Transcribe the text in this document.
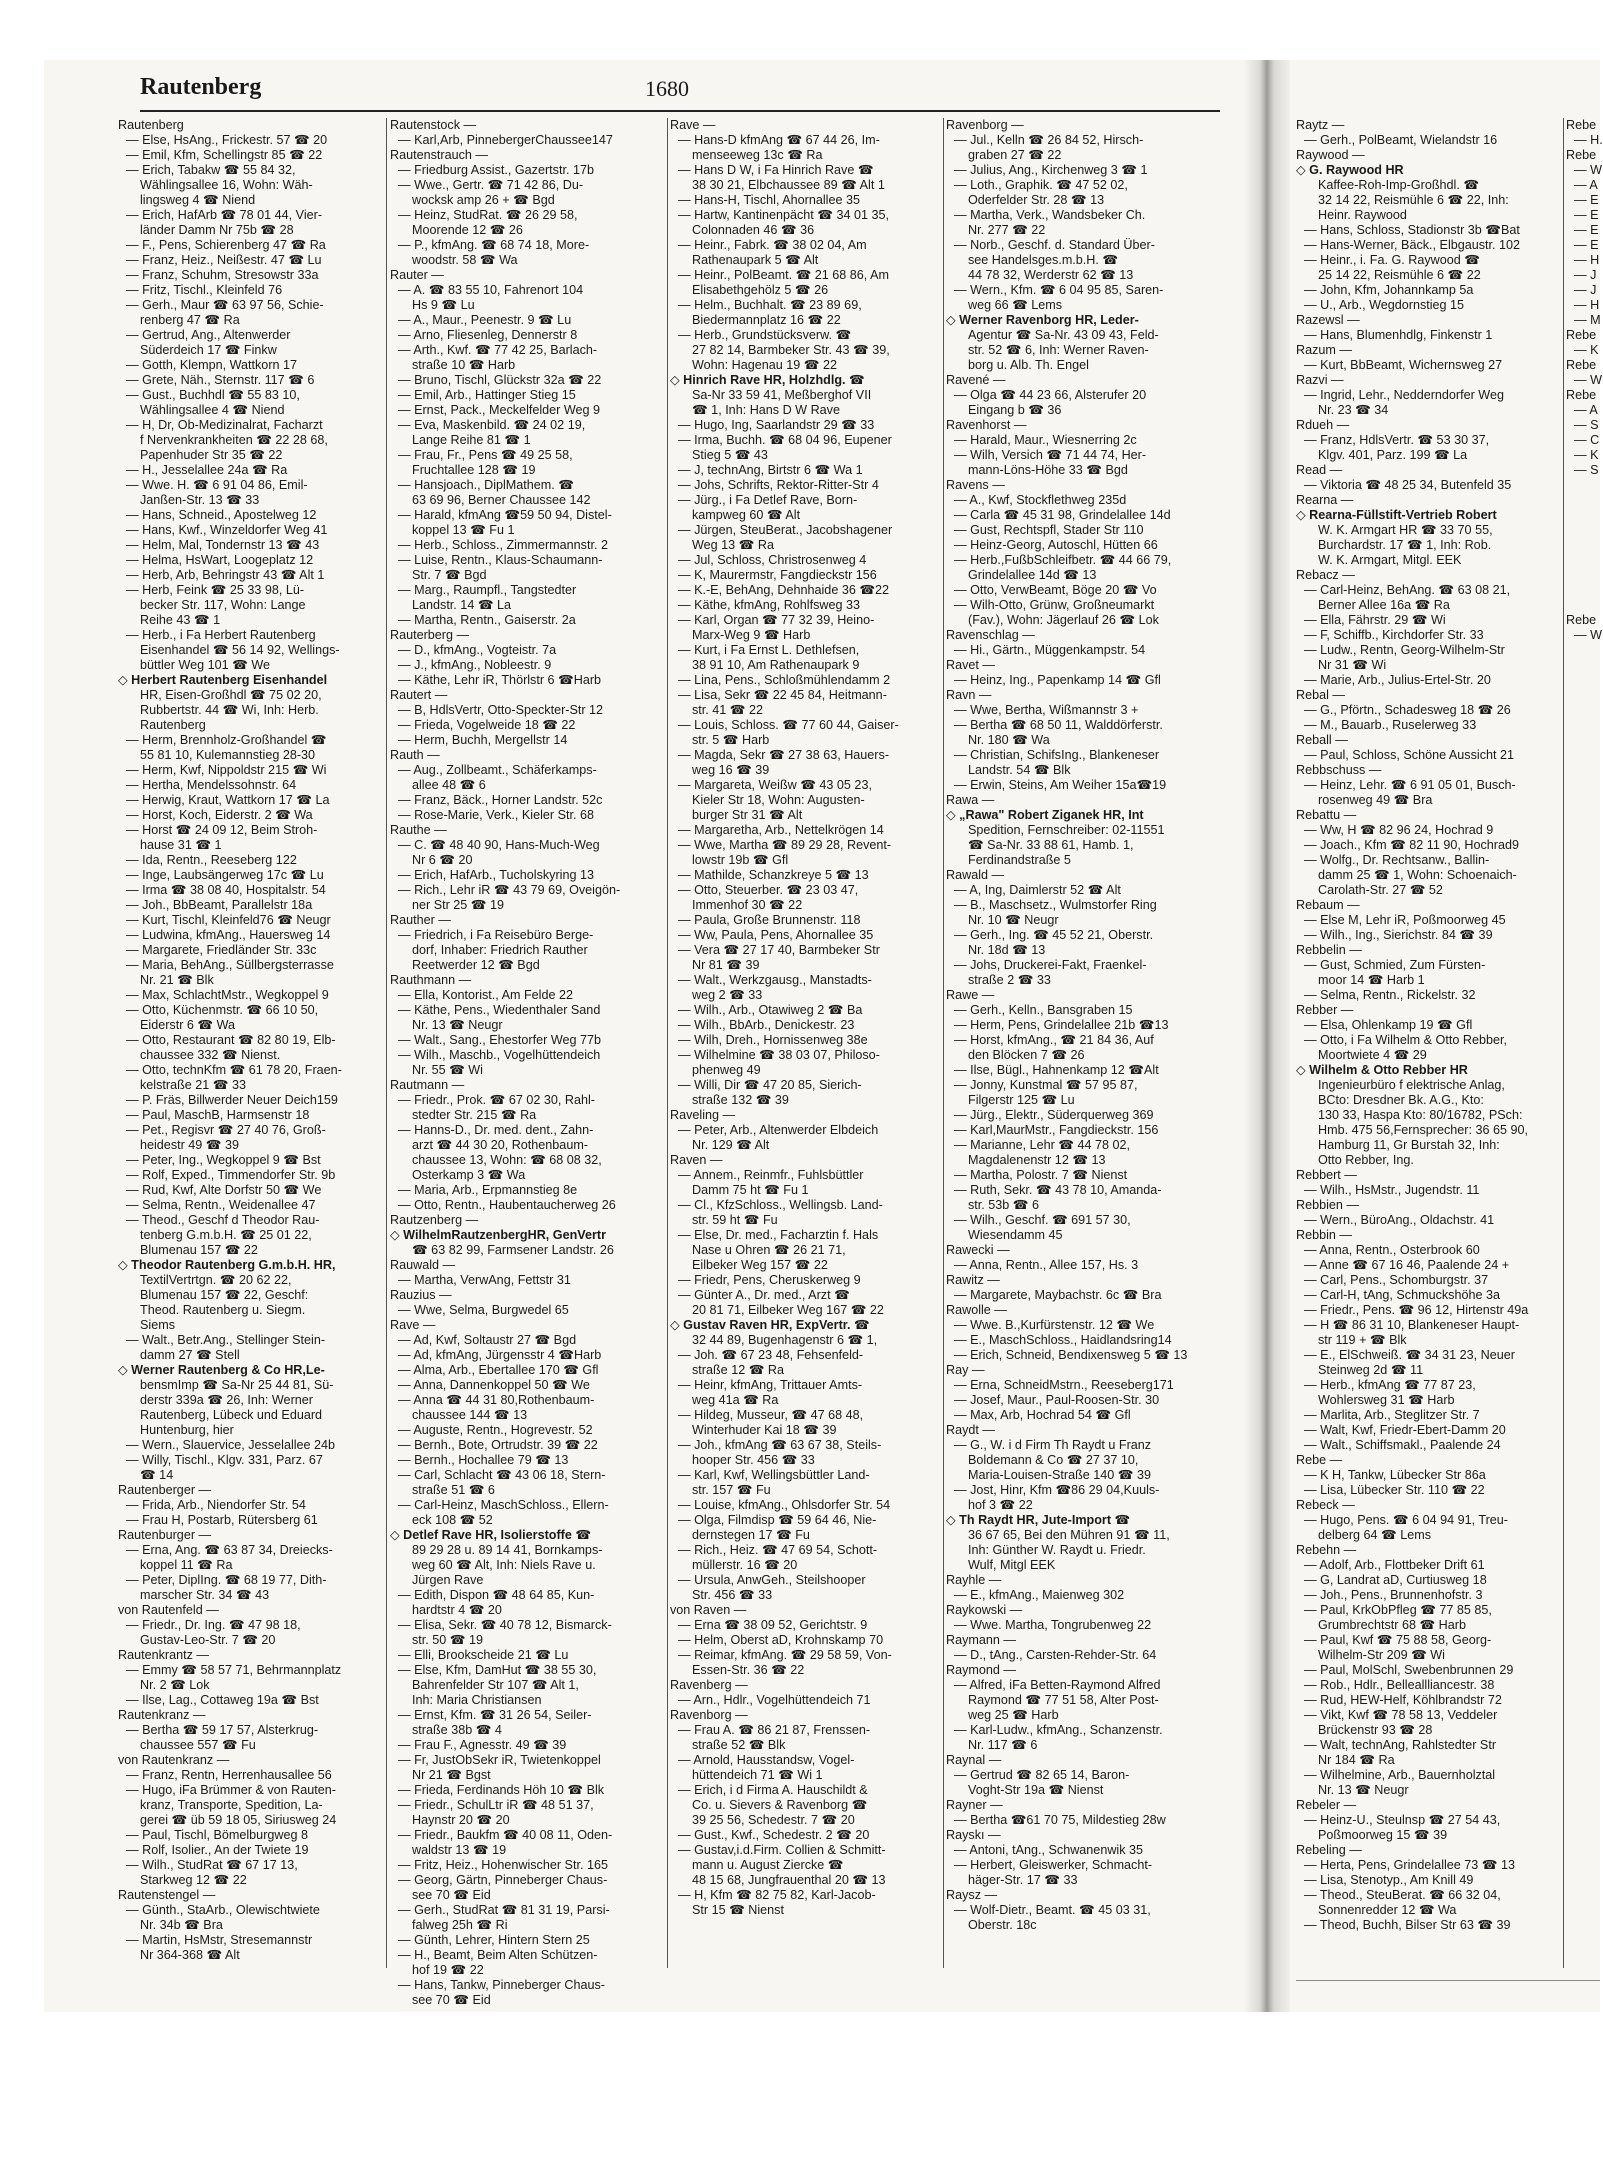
Rautenberg	1680
Rautenberg
— Else, HsAng., Frickestr. 57 ☎ 20
— Emil, Kfm, Schellingstr 85 ☎ 22
— Erich, Tabakw ☎ 55 84 32,
Wählingsallee 16, Wohn: Wäh-
lingsweg 4 ☎ Niend
— Erich, HafArb ☎ 78 01 44, Vier-
länder Damm Nr 75b ☎ 28
— F., Pens, Schierenberg 47 ☎ Ra
— Franz, Heiz., Neißestr. 47 ☎ Lu
— Franz, Schuhm, Stresowstr 33a
— Fritz, Tischl., Kleinfeld 76
— Gerh., Maur ☎ 63 97 56, Schie-
renberg 47 ☎ Ra
— Gertrud, Ang., Altenwerder
Süderdeich 17 ☎ Finkw
— Gotth, Klempn, Wattkorn 17
— Grete, Näh., Sternstr. 117 ☎ 6
— Gust., Buchhdl ☎ 55 83 10,
Wählingsallee 4 ☎ Niend
— H, Dr, Ob-Medizinalrat, Facharzt
f Nervenkrankheiten ☎ 22 28 68,
Papenhuder Str 35 ☎ 22
— H., Jesselallee 24a ☎ Ra
— Wwe. H. ☎ 6 91 04 86, Emil-
Janßen-Str. 13 ☎ 33
— Hans, Schneid., Apostelweg 12
— Hans, Kwf., Winzeldorfer Weg 41
— Helm, Mal, Tondernstr 13 ☎ 43
— Helma, HsWart, Loogeplatz 12
— Herb, Arb, Behringstr 43 ☎ Alt 1
— Herb, Feink ☎ 25 33 98, Lü-
becker Str. 117, Wohn: Lange
Reihe 43 ☎ 1
— Herb., i Fa Herbert Rautenberg
Eisenhandel ☎ 56 14 92, Wellings-
büttler Weg 101 ☎ We
◇ Herbert Rautenberg Eisenhandel
HR, Eisen-Großhdl ☎ 75 02 20,
Rubbertstr. 44 ☎ Wi, Inh: Herb.
Rautenberg
— Herm, Brennholz-Großhandel ☎
55 81 10, Kulemannstieg 28-30
— Herm, Kwf, Nippoldstr 215 ☎ Wi
— Hertha, Mendelssohnstr. 64
— Herwig, Kraut, Wattkorn 17 ☎ La
— Horst, Koch, Eiderstr. 2 ☎ Wa
— Horst ☎ 24 09 12, Beim Stroh-
hause 31 ☎ 1
— Ida, Rentn., Reeseberg 122
— Inge, Laubsängerweg 17c ☎ Lu
— Irma ☎ 38 08 40, Hospitalstr. 54
— Joh., BbBeamt, Parallelstr 18a
— Kurt, Tischl, Kleinfeld76 ☎ Neugr
— Ludwina, kfmAng., Hauersweg 14
— Margarete, Friedländer Str. 33c
— Maria, BehAng., Süllbergsterrasse
Nr. 21 ☎ Blk
— Max, SchlachtMstr., Wegkoppel 9
— Otto, Küchenmstr. ☎ 66 10 50,
Eiderstr 6 ☎ Wa
— Otto, Restaurant ☎ 82 80 19, Elb-
chaussee 332 ☎ Nienst.
— Otto, technKfm ☎ 61 78 20, Fraen-
kelstraße 21 ☎ 33
— P. Fräs, Billwerder Neuer Deich159
— Paul, MaschB, Harmsenstr 18
— Pet., Regisvr ☎ 27 40 76, Groß-
heidestr 49 ☎ 39
— Peter, Ing., Wegkoppel 9 ☎ Bst
— Rolf, Exped., Timmendorfer Str. 9b
— Rud, Kwf, Alte Dorfstr 50 ☎ We
— Selma, Rentn., Weidenallee 47
— Theod., Geschf d Theodor Rau-
tenberg G.m.b.H. ☎ 25 01 22,
Blumenau 157 ☎ 22
◇ Theodor Rautenberg G.m.b.H. HR,
TextilVertrtgn. ☎ 20 62 22,
Blumenau 157 ☎ 22, Geschf:
Theod. Rautenberg u. Siegm.
Siems
— Walt., Betr.Ang., Stellinger Stein-
damm 27 ☎ Stell
◇ Werner Rautenberg & Co HR,Le-
bensmImp ☎ Sa-Nr 25 44 81, Sü-
derstr 339a ☎ 26, Inh: Werner
Rautenberg, Lübeck und Eduard
Huntenburg, hier
— Wern., Slauervice, Jesselallee 24b
— Willy, Tischl., Klgv. 331, Parz. 67
☎ 14
Rautenberger —
— Frida, Arb., Niendorfer Str. 54
— Frau H, Postarb, Rütersberg 61
Rautenburger —
— Erna, Ang. ☎ 63 87 34, Dreiecks-
koppel 11 ☎ Ra
— Peter, DiplIng. ☎ 68 19 77, Dith-
marscher Str. 34 ☎ 43
von Rautenfeld —
— Friedr., Dr. Ing. ☎ 47 98 18,
Gustav-Leo-Str. 7 ☎ 20
Rautenkrantz —
— Emmy ☎ 58 57 71, Behrmannplatz
Nr. 2 ☎ Lok
— Ilse, Lag., Cottaweg 19a ☎ Bst
Rautenkranz —
— Bertha ☎ 59 17 57, Alsterkrug-
chaussee 557 ☎ Fu
von Rautenkranz —
— Franz, Rentn, Herrenhausallee 56
— Hugo, iFa Brümmer & von Rauten-
kranz, Transporte, Spedition, La-
gerei ☎ üb 59 18 05, Siriusweg 24
— Paul, Tischl, Bömelburgweg 8
— Rolf, Isolier., An der Twiete 19
— Wilh., StudRat ☎ 67 17 13,
Starkweg 12 ☎ 22
Rautenstengel —
— Günth., StaArb., Olewischtwiete
Nr. 34b ☎ Bra
— Martin, HsMstr, Stresemannstr
Nr 364-368 ☎ Alt
Rautenstock —
— Karl,Arb, PinnebergerChaussee147
Rautenstrauch —
— Friedburg Assist., Gazertstr. 17b
— Wwe., Gertr. ☎ 71 42 86, Du-
wocksk amp 26 + ☎ Bgd
— Heinz, StudRat. ☎ 26 29 58,
Moorende 12 ☎ 26
— P., kfmAng. ☎ 68 74 18, More-
woodstr. 58 ☎ Wa
Rauter —
— A. ☎ 83 55 10, Fahrenort 104
Hs 9 ☎ Lu
— A., Maur., Peenestr. 9 ☎ Lu
— Arno, Fliesenleg, Dennerstr 8
— Arth., Kwf. ☎ 77 42 25, Barlach-
straße 10 ☎ Harb
— Bruno, Tischl, Glückstr 32a ☎ 22
— Emil, Arb., Hattinger Stieg 15
— Ernst, Pack., Meckelfelder Weg 9
— Eva, Maskenbild. ☎ 24 02 19,
Lange Reihe 81 ☎ 1
— Frau, Fr., Pens ☎ 49 25 58,
Fruchtallee 128 ☎ 19
— Hansjoach., DiplMathem. ☎
63 69 96, Berner Chaussee 142
— Harald, kfmAng ☎59 50 94, Distel-
koppel 13 ☎ Fu 1
— Herb., Schloss., Zimmermannstr. 2
— Luise, Rentn., Klaus-Schaumann-
Str. 7 ☎ Bgd
— Marg., Raumpfl., Tangstedter
Landstr. 14 ☎ La
— Martha, Rentn., Gaiserstr. 2a
Rauterberg —
— D., kfmAng., Vogteistr. 7a
— J., kfmAng., Nobleestr. 9
— Käthe, Lehr iR, Thörlstr 6 ☎Harb
Rautert —
— B, HdlsVertr, Otto-Speckter-Str 12
— Frieda, Vogelweide 18 ☎ 22
— Herm, Buchh, Mergellstr 14
Rauth —
— Aug., Zollbeamt., Schäferkamps-
allee 48 ☎ 6
— Franz, Bäck., Horner Landstr. 52c
— Rose-Marie, Verk., Kieler Str. 68
Rauthe —
— C. ☎ 48 40 90, Hans-Much-Weg
Nr 6 ☎ 20
— Erich, HafArb., Tucholskyring 13
— Rich., Lehr iR ☎ 43 79 69, Oveigön-
ner Str 25 ☎ 19
Rauther —
— Friedrich, i Fa Reisebüro Berge-
dorf, Inhaber: Friedrich Rauther
Reetwerder 12 ☎ Bgd
Rauthmann —
— Ella, Kontorist., Am Felde 22
— Käthe, Pens., Wiedenthaler Sand
Nr. 13 ☎ Neugr
— Walt., Sang., Ehestorfer Weg 77b
— Wilh., Maschb., Vogelhüttendeich
Nr. 55 ☎ Wi
Rautmann —
— Friedr., Prok. ☎ 67 02 30, Rahl-
stedter Str. 215 ☎ Ra
— Hanns-D., Dr. med. dent., Zahn-
arzt ☎ 44 30 20, Rothenbaum-
chaussee 13, Wohn: ☎ 68 08 32,
Osterkamp 3 ☎ Wa
— Maria, Arb., Erpmannstieg 8e
— Otto, Rentn., Haubentaucherweg 26
Rautzenberg —
◇ WilhelmRautzenbergHR, GenVertr
☎ 63 82 99, Farmsener Landstr. 26
Rauwald —
— Martha, VerwAng, Fettstr 31
Rauzius —
— Wwe, Selma, Burgwedel 65
Rave —
— Ad, Kwf, Soltaustr 27 ☎ Bgd
— Ad, kfmAng, Jürgensstr 4 ☎Harb
— Alma, Arb., Ebertallee 170 ☎ Gfl
— Anna, Dannenkoppel 50 ☎ We
— Anna ☎ 44 31 80,Rothenbaum-
chaussee 144 ☎ 13
— Auguste, Rentn., Hogrevestr. 52
— Bernh., Bote, Ortrudstr. 39 ☎ 22
— Bernh., Hochallee 79 ☎ 13
— Carl, Schlacht ☎ 43 06 18, Stern-
straße 51 ☎ 6
— Carl-Heinz, MaschSchloss., Ellern-
eck 108 ☎ 52
◇ Detlef Rave HR, Isolierstoffe ☎
89 29 28 u. 89 14 41, Bornkamps-
weg 60 ☎ Alt, Inh: Niels Rave u.
Jürgen Rave
— Edith, Dispon ☎ 48 64 85, Kun-
hardtstr 4 ☎ 20
— Elisa, Sekr. ☎ 40 78 12, Bismarck-
str. 50 ☎ 19
— Elli, Brookscheide 21 ☎ Lu
— Else, Kfm, DamHut ☎ 38 55 30,
Bahrenfelder Str 107 ☎ Alt 1,
Inh: Maria Christiansen
— Ernst, Kfm. ☎ 31 26 54, Seiler-
straße 38b ☎ 4
— Frau F., Agnesstr. 49 ☎ 39
— Fr, JustObSekr iR, Twietenkoppel
Nr 21 ☎ Bgst
— Frieda, Ferdinands Höh 10 ☎ Blk
— Friedr., SchulLtr iR ☎ 48 51 37,
Haynstr 20 ☎ 20
— Friedr., Baukfm ☎ 40 08 11, Oden-
waldstr 13 ☎ 19
— Fritz, Heiz., Hohenwischer Str. 165
— Georg, Gärtn, Pinneberger Chaus-
see 70 ☎ Eid
— Gerh., StudRat ☎ 81 31 19, Parsi-
falweg 25h ☎ Ri
— Günth, Lehrer, Hintern Stern 25
— H., Beamt, Beim Alten Schützen-
hof 19 ☎ 22
— Hans, Tankw, Pinneberger Chaus-
see 70 ☎ Eid
Rave —
— Hans-D kfmAng ☎ 67 44 26, Im-
menseeweg 13c ☎ Ra
— Hans D W, i Fa Hinrich Rave ☎
38 30 21, Elbchaussee 89 ☎ Alt 1
— Hans-H, Tischl, Ahornallee 35
— Hartw, Kantinenpächt ☎ 34 01 35,
Colonnaden 46 ☎ 36
— Heinr., Fabrk. ☎ 38 02 04, Am
Rathenaupark 5 ☎ Alt
— Heinr., PolBeamt. ☎ 21 68 86, Am
Elisabethgehölz 5 ☎ 26
— Helm., Buchhalt. ☎ 23 89 69,
Biedermannplatz 16 ☎ 22
— Herb., Grundstücksverw. ☎
27 82 14, Barmbeker Str. 43 ☎ 39,
Wohn: Hagenau 19 ☎ 22
◇ Hinrich Rave HR, Holzhdlg. ☎
Sa-Nr 33 59 41, Meßberghof VII
☎ 1, Inh: Hans D W Rave
— Hugo, Ing, Saarlandstr 29 ☎ 33
— Irma, Buchh. ☎ 68 04 96, Eupener
Stieg 5 ☎ 43
— J, technAng, Birtstr 6 ☎ Wa 1
— Johs, Schrifts, Rektor-Ritter-Str 4
— Jürg., i Fa Detlef Rave, Born-
kampweg 60 ☎ Alt
— Jürgen, SteuBerat., Jacobshagener
Weg 13 ☎ Ra
— Jul, Schloss, Christrosenweg 4
— K, Maurermstr, Fangdieckstr 156
— K.-E, BehAng, Dehnhaide 36 ☎22
— Käthe, kfmAng, Rohlfsweg 33
— Karl, Organ ☎ 77 32 39, Heino-
Marx-Weg 9 ☎ Harb
— Kurt, i Fa Ernst L. Dethlefsen,
38 91 10, Am Rathenaupark 9
— Lina, Pens., Schloßmühlendamm 2
— Lisa, Sekr ☎ 22 45 84, Heitmann-
str. 41 ☎ 22
— Louis, Schloss. ☎ 77 60 44, Gaiser-
str. 5 ☎ Harb
— Magda, Sekr ☎ 27 38 63, Hauers-
weg 16 ☎ 39
— Margareta, Weißw ☎ 43 05 23,
Kieler Str 18, Wohn: Augusten-
burger Str 31 ☎ Alt
— Margaretha, Arb., Nettelkrögen 14
— Wwe, Martha ☎ 89 29 28, Revent-
lowstr 19b ☎ Gfl
— Mathilde, Schanzkreye 5 ☎ 13
— Otto, Steuerber. ☎ 23 03 47,
Immenhof 30 ☎ 22
— Paula, Große Brunnenstr. 118
— Ww, Paula, Pens, Ahornallee 35
— Vera ☎ 27 17 40, Barmbeker Str
Nr 81 ☎ 39
— Walt., Werkzgausg., Manstadts-
weg 2 ☎ 33
— Wilh., Arb., Otawiweg 2 ☎ Ba
— Wilh., BbArb., Denickestr. 23
— Wilh, Dreh., Hornissenweg 38e
— Wilhelmine ☎ 38 03 07, Philoso-
phenweg 49
— Willi, Dir ☎ 47 20 85, Sierich-
straße 132 ☎ 39
Raveling —
— Peter, Arb., Altenwerder Elbdeich
Nr. 129 ☎ Alt
Raven —
— Annem., Reinmfr., Fuhlsbüttler
Damm 75 ht ☎ Fu 1
— Cl., KfzSchloss., Wellingsb. Land-
str. 59 ht ☎ Fu
— Else, Dr. med., Facharztin f. Hals
Nase u Ohren ☎ 26 21 71,
Eilbeker Weg 157 ☎ 22
— Friedr, Pens, Cheruskerweg 9
— Günter A., Dr. med., Arzt ☎
20 81 71, Eilbeker Weg 167 ☎ 22
◇ Gustav Raven HR, ExpVertr. ☎
32 44 89, Bugenhagenstr 6 ☎ 1,
— Joh. ☎ 67 23 48, Fehsenfeld-
straße 12 ☎ Ra
— Heinr, kfmAng, Trittauer Amts-
weg 41a ☎ Ra
— Hildeg, Musseur, ☎ 47 68 48,
Winterhuder Kai 18 ☎ 39
— Joh., kfmAng ☎ 63 67 38, Steils-
hooper Str. 456 ☎ 33
— Karl, Kwf, Wellingsbüttler Land-
str. 157 ☎ Fu
— Louise, kfmAng., Ohlsdorfer Str. 54
— Olga, Filmdisp ☎ 59 64 46, Nie-
dernstegen 17 ☎ Fu
— Rich., Heiz. ☎ 47 69 54, Schott-
müllerstr. 16 ☎ 20
— Ursula, AnwGeh., Steilshooper
Str. 456 ☎ 33
von Raven —
— Erna ☎ 38 09 52, Gerichtstr. 9
— Helm, Oberst aD, Krohnskamp 70
— Reimar, kfmAng. ☎ 29 58 59, Von-
Essen-Str. 36 ☎ 22
Ravenberg —
— Arn., Hdlr., Vogelhüttendeich 71
Ravenborg —
— Frau A. ☎ 86 21 87, Frenssen-
straße 52 ☎ Blk
— Arnold, Hausstandsw, Vogel-
hüttendeich 71 ☎ Wi 1
— Erich, i d Firma A. Hauschildt &
Co. u. Sievers & Ravenborg ☎
39 25 56, Schedestr. 7 ☎ 20
— Gust., Kwf., Schedestr. 2 ☎ 20
— Gustav,i.d.Firm. Collien & Schmitt-
mann u. August Ziercke ☎
48 15 68, Jungfrauenthal 20 ☎ 13
— H, Kfm ☎ 82 75 82, Karl-Jacob-
Str 15 ☎ Nienst
Ravenborg —
— Jul., Kelln ☎ 26 84 52, Hirsch-
graben 27 ☎ 22
— Julius, Ang., Kirchenweg 3 ☎ 1
— Loth., Graphik. ☎ 47 52 02,
Oderfelder Str. 28 ☎ 13
— Martha, Verk., Wandsbeker Ch.
Nr. 277 ☎ 22
— Norb., Geschf. d. Standard Über-
see Handelsges.m.b.H. ☎
44 78 32, Werderstr 62 ☎ 13
— Wern., Kfm. ☎ 6 04 95 85, Saren-
weg 66 ☎ Lems
◇ Werner Ravenborg HR, Leder-
Agentur ☎ Sa-Nr. 43 09 43, Feld-
str. 52 ☎ 6, Inh: Werner Raven-
borg u. Alb. Th. Engel
Ravené —
— Olga ☎ 44 23 66, Alsterufer 20
Eingang b ☎ 36
Ravenhorst —
— Harald, Maur., Wiesnerring 2c
— Wilh, Versich ☎ 71 44 74, Her-
mann-Löns-Höhe 33 ☎ Bgd
Ravens —
— A., Kwf, Stockflethweg 235d
— Carla ☎ 45 31 98, Grindelallee 14d
— Gust, Rechtspfl, Stader Str 110
— Heinz-Georg, Autoschl, Hütten 66
— Herb.,FußbSchleifbetr. ☎ 44 66 79,
Grindelallee 14d ☎ 13
— Otto, VerwBeamt, Böge 20 ☎ Vo
— Wilh-Otto, Grünw, Großneumarkt
(Fav.), Wohn: Jägerlauf 26 ☎ Lok
Ravenschlag —
— Hi., Gärtn., Müggenkampstr. 54
Ravet —
— Heinz, Ing., Papenkamp 14 ☎ Gfl
Ravn —
— Wwe, Bertha, Wißmannstr 3 +
— Bertha ☎ 68 50 11, Walddörferstr.
Nr. 180 ☎ Wa
— Christian, SchifsIng., Blankeneser
Landstr. 54 ☎ Blk
— Erwin, Steins, Am Weiher 15a☎19
Rawa —
◇ „Rawa" Robert Ziganek HR, Int
Spedition, Fernschreiber: 02-11551
☎ Sa-Nr. 33 88 61, Hamb. 1,
Ferdinandstraße 5
Rawald —
— A, Ing, Daimlerstr 52 ☎ Alt
— B., Maschsetz., Wulmstorfer Ring
Nr. 10 ☎ Neugr
— Gerh., Ing. ☎ 45 52 21, Oberstr.
Nr. 18d ☎ 13
— Johs, Druckerei-Fakt, Fraenkel-
straße 2 ☎ 33
Rawe —
— Gerh., Kelln., Bansgraben 15
— Herm, Pens, Grindelallee 21b ☎13
— Horst, kfmAng., ☎ 21 84 36, Auf
den Blöcken 7 ☎ 26
— Ilse, Bügl., Hahnenkamp 12 ☎Alt
— Jonny, Kunstmal ☎ 57 95 87,
Filgerstr 125 ☎ Lu
— Jürg., Elektr., Süderquerweg 369
— Karl,MaurMstr., Fangdieckstr. 156
— Marianne, Lehr ☎ 44 78 02,
Magdalenenstr 12 ☎ 13
— Martha, Polostr. 7 ☎ Nienst
— Ruth, Sekr. ☎ 43 78 10, Amanda-
str. 53b ☎ 6
— Wilh., Geschf. ☎ 691 57 30,
Wiesendamm 45
Rawecki —
— Anna, Rentn., Allee 157, Hs. 3
Rawitz —
— Margarete, Maybachstr. 6c ☎ Bra
Rawolle —
— Wwe. B.,Kurfürstenstr. 12 ☎ We
— E., MaschSchloss., Haidlandsring14
— Erich, Schneid, Bendixensweg 5 ☎ 13
Ray —
— Erna, SchneidMstrn., Reeseberg171
— Josef, Maur., Paul-Roosen-Str. 30
— Max, Arb, Hochrad 54 ☎ Gfl
Raydt —
— G., W. i d Firm Th Raydt u Franz
Boldemann & Co ☎ 27 37 10,
Maria-Louisen-Straße 140 ☎ 39
— Jost, Hinr, Kfm ☎86 29 04,Kuuls-
hof 3 ☎ 22
◇ Th Raydt HR, Jute-Import ☎
36 67 65, Bei den Mühren 91 ☎ 11,
Inh: Günther W. Raydt u. Friedr.
Wulf, Mitgl EEK
Rayhle —
— E., kfmAng., Maienweg 302
Raykowski —
— Wwe. Martha, Tongrubenweg 22
Raymann —
— D., tAng., Carsten-Rehder-Str. 64
Raymond —
— Alfred, iFa Betten-Raymond Alfred
Raymond ☎ 77 51 58, Alter Post-
weg 25 ☎ Harb
— Karl-Ludw., kfmAng., Schanzenstr.
Nr. 117 ☎ 6
Raynal —
— Gertrud ☎ 82 65 14, Baron-
Voght-Str 19a ☎ Nienst
Rayner —
— Bertha ☎61 70 75, Mildestieg 28w
Rayskı —
— Antoni, tAng., Schwanenwik 35
— Herbert, Gleiswerker, Schmacht-
häger-Str. 17 ☎ 33
Raysz —
— Wolf-Dietr., Beamt. ☎ 45 03 31,
Oberstr. 18c
Raytz —
— Gerh., PolBeamt, Wielandstr 16
Raywood —
◇ G. Raywood HR
Kaffee-Roh-Imp-Großhdl. ☎
32 14 22, Reismühle 6 ☎ 22, Inh:
Heinr. Raywood
— Hans, Schloss, Stadionstr 3b ☎Bat
— Hans-Werner, Bäck., Elbgaustr. 102
— Heinr., i. Fa. G. Raywood ☎
25 14 22, Reismühle 6 ☎ 22
— John, Kfm, Johannkamp 5a
— U., Arb., Wegdornstieg 15
Razewsl —
— Hans, Blumenhdlg, Finkenstr 1
Razum —
— Kurt, BbBeamt, Wichernsweg 27
Razvi —
— Ingrid, Lehr., Nedderndorfer Weg
Nr. 23 ☎ 34
Rdueh —
— Franz, HdlsVertr. ☎ 53 30 37,
Klgv. 401, Parz. 199 ☎ La
Read —
— Viktoria ☎ 48 25 34, Butenfeld 35
Rearna —
◇ Rearna-Füllstift-Vertrieb Robert
W. K. Armgart HR ☎ 33 70 55,
Burchardstr. 17 ☎ 1, Inh: Rob.
W. K. Armgart, Mitgl. EEK
Rebacz —
— Carl-Heinz, BehAng. ☎ 63 08 21,
Berner Allee 16a ☎ Ra
— Ella, Fährstr. 29 ☎ Wi
— F, Schiffb., Kirchdorfer Str. 33
— Ludw., Rentn, Georg-Wilhelm-Str
Nr 31 ☎ Wi
— Marie, Arb., Julius-Ertel-Str. 20
Rebal —
— G., Pförtn., Schadesweg 18 ☎ 26
— M., Bauarb., Ruselerweg 33
Reball —
— Paul, Schloss, Schöne Aussicht 21
Rebbschuss —
— Heinz, Lehr. ☎ 6 91 05 01, Busch-
rosenweg 49 ☎ Bra
Rebattu —
— Ww, H ☎ 82 96 24, Hochrad 9
— Joach., Kfm ☎ 82 11 90, Hochrad9
— Wolfg., Dr. Rechtsanw., Ballin-
damm 25 ☎ 1, Wohn: Schoenaich-
Carolath-Str. 27 ☎ 52
Rebaum —
— Else M, Lehr iR, Poßmoorweg 45
— Wilh., Ing., Sierichstr. 84 ☎ 39
Rebbelin —
— Gust, Schmied, Zum Fürsten-
moor 14 ☎ Harb 1
— Selma, Rentn., Rickelstr. 32
Rebber —
— Elsa, Ohlenkamp 19 ☎ Gfl
— Otto, i Fa Wilhelm & Otto Rebber,
Moortwiete 4 ☎ 29
◇ Wilhelm & Otto Rebber HR
Ingenieurbüro f elektrische Anlag,
BCto: Dresdner Bk. A.G., Kto:
130 33, Haspa Kto: 80/16782, PSch:
Hmb. 475 56,Fernsprecher: 36 65 90,
Hamburg 11, Gr Burstah 32, Inh:
Otto Rebber, Ing.
Rebbert —
— Wilh., HsMstr., Jugendstr. 11
Rebbien —
— Wern., BüroAng., Oldachstr. 41
Rebbin —
— Anna, Rentn., Osterbrook 60
— Anne ☎ 67 16 46, Paalende 24 +
— Carl, Pens., Schomburgstr. 37
— Carl-H, tAng, Schmuckshöhe 3a
— Friedr., Pens. ☎ 96 12, Hirtenstr 49a
— H ☎ 86 31 10, Blankeneser Haupt-
str 119 + ☎ Blk
— E., ElSchweiß. ☎ 34 31 23, Neuer
Steinweg 2d ☎ 11
— Herb., kfmAng ☎ 77 87 23,
Wohlersweg 31 ☎ Harb
— Marlita, Arb., Steglitzer Str. 7
— Walt, Kwf, Friedr-Ebert-Damm 20
— Walt., Schiffsmakl., Paalende 24
Rebe —
— K H, Tankw, Lübecker Str 86a
— Lisa, Lübecker Str. 110 ☎ 22
Rebeck —
— Hugo, Pens. ☎ 6 04 94 91, Treu-
delberg 64 ☎ Lems
Rebehn —
— Adolf, Arb., Flottbeker Drift 61
— G, Landrat aD, Curtiusweg 18
— Joh., Pens., Brunnenhofstr. 3
— Paul, KrkObPfleg ☎ 77 85 85,
Grumbrechtstr 68 ☎ Harb
— Paul, Kwf ☎ 75 88 58, Georg-
Wilhelm-Str 209 ☎ Wi
— Paul, MolSchl, Swebenbrunnen 29
— Rob., Hdlr., Belleallliancestr. 38
— Rud, HEW-Helf, Köhlbrandstr 72
— Vikt, Kwf ☎ 78 58 13, Veddeler
Brückenstr 93 ☎ 28
— Walt, technAng, Rahlstedter Str
Nr 184 ☎ Ra
— Wilhelmine, Arb., Bauernholztal
Nr. 13 ☎ Neugr
Rebeler —
— Heinz-U., Steulnsp ☎ 27 54 43,
Poßmoorweg 15 ☎ 39
Rebeling —
— Herta, Pens, Grindelallee 73 ☎ 13
— Lisa, Stenotyp., Am Knill 49
— Theod., SteuBerat. ☎ 66 32 04,
Sonnenredder 12 ☎ Wa
— Theod, Buchh, Bilser Str 63 ☎ 39
Rebe
— H.
Rebe
— W
— A
— E
— E
— E
— E
— H
— J
— J
— H
— M
Rebe
— K
Rebe
— W
Rebe
— A
— S
— C
— K
— S

Rebe
— W
